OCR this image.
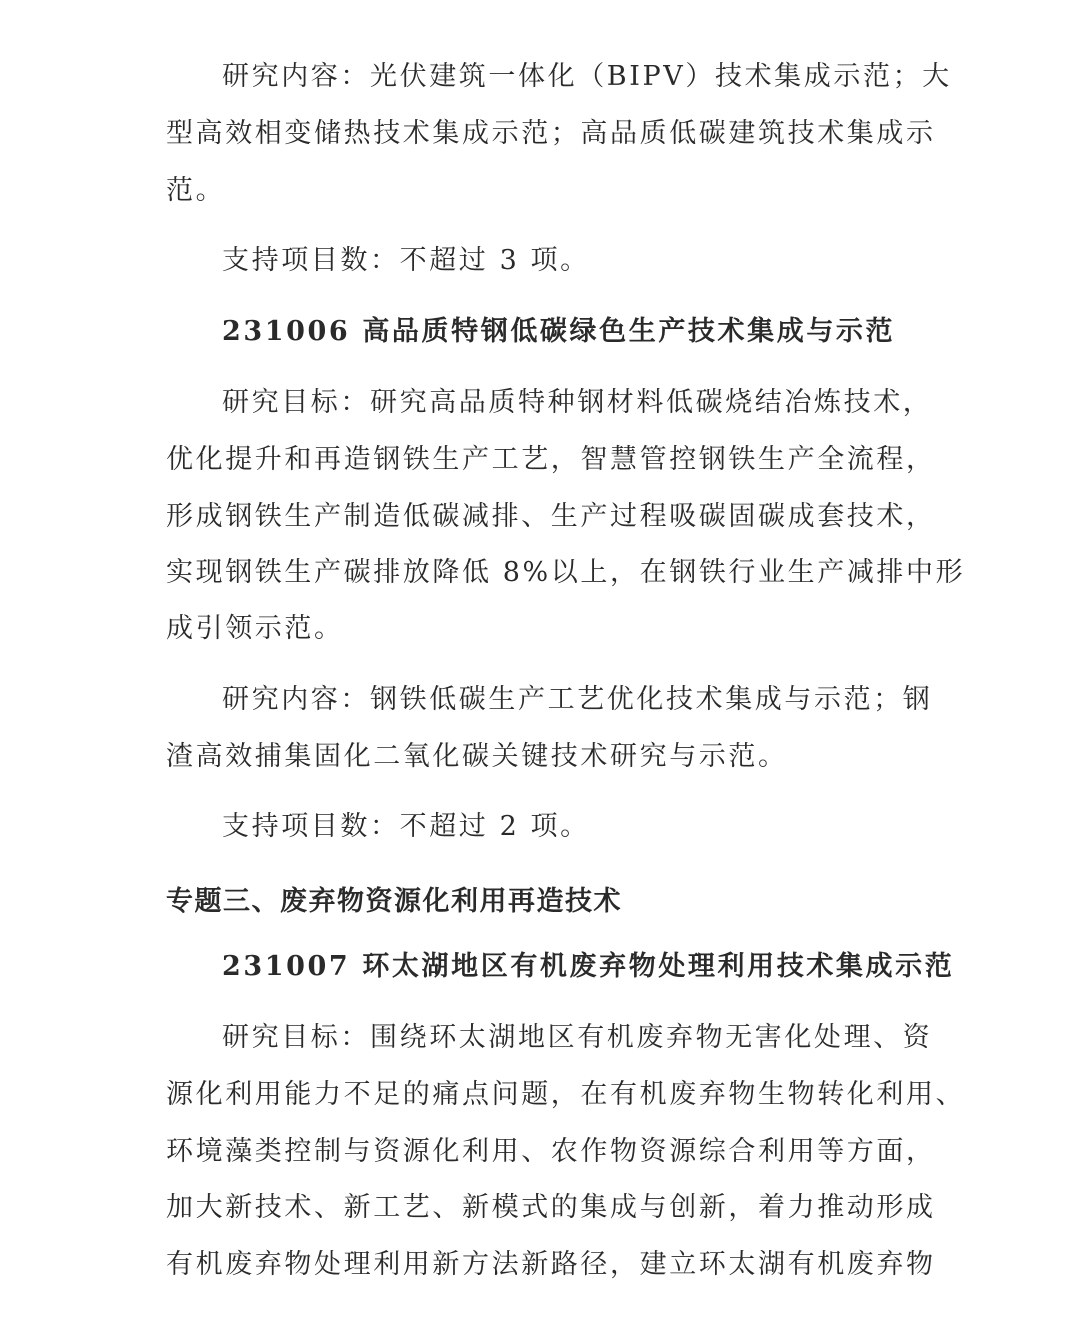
研究内容：光伏建筑一体化（BIPV）技术集成示范；大
型高效相变储热技术集成示范；高品质低碳建筑技术集成示
范。
支持项目数：不超过 3 项。
231006 高品质特钢低碳绿色生产技术集成与示范
研究目标：研究高品质特种钢材料低碳烧结冶炼技术，
优化提升和再造钢铁生产工艺，智慧管控钢铁生产全流程，
形成钢铁生产制造低碳减排、生产过程吸碳固碳成套技术，
实现钢铁生产碳排放降低 8%以上，在钢铁行业生产减排中形
成引领示范。
研究内容：钢铁低碳生产工艺优化技术集成与示范；钢
渣高效捕集固化二氧化碳关键技术研究与示范。
支持项目数：不超过 2 项。
专题三、废弃物资源化利用再造技术
231007 环太湖地区有机废弃物处理利用技术集成示范
研究目标：围绕环太湖地区有机废弃物无害化处理、资
源化利用能力不足的痛点问题，在有机废弃物生物转化利用、
环境藻类控制与资源化利用、农作物资源综合利用等方面，
加大新技术、新工艺、新模式的集成与创新，着力推动形成
有机废弃物处理利用新方法新路径，建立环太湖有机废弃物
